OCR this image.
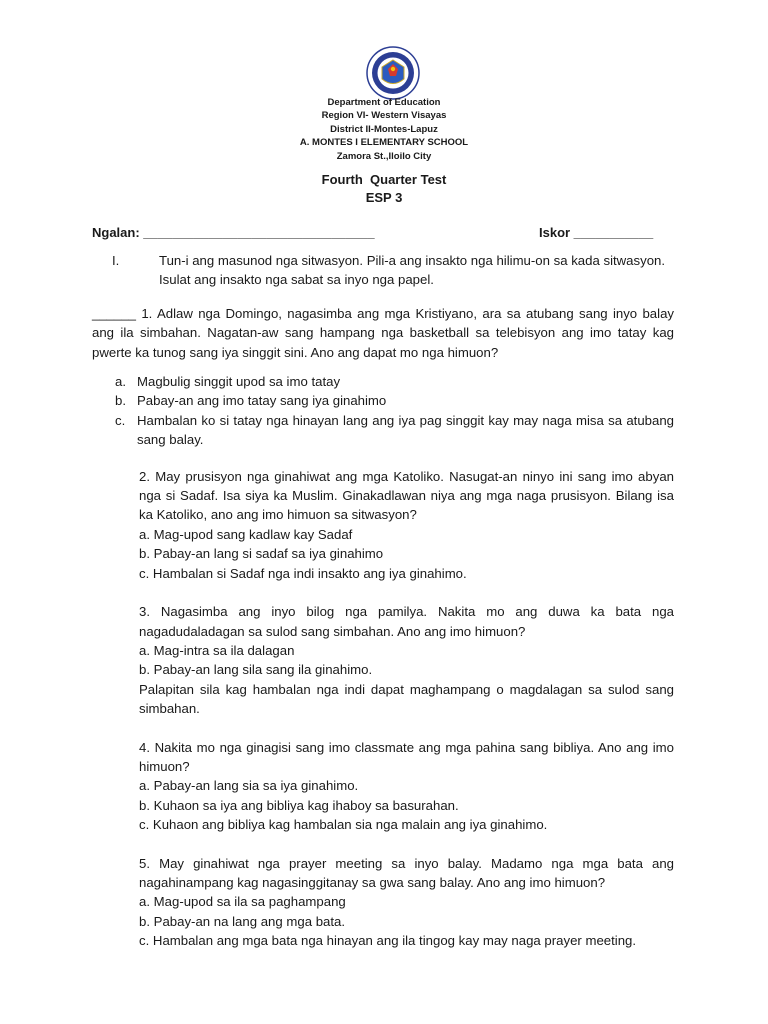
Department of Education
Region VI- Western Visayas
District II-Montes-Lapuz
A. MONTES I ELEMENTARY SCHOOL
Zamora St.,Iloilo City
Fourth  Quarter Test
ESP 3
Ngalan: ________________________________	Iskor ___________
I.	Tun-i ang masunod nga sitwasyon. Pili-a ang insakto nga hilimu-on sa kada sitwasyon. Isulat ang insakto nga sabat sa inyo nga papel.
______ 1. Adlaw nga Domingo, nagasimba ang mga Kristiyano, ara sa atubang sang inyo balay ang ila simbahan. Nagatan-aw sang hampang nga basketball sa telebisyon ang imo tatay kag pwerte ka tunog sang iya singgit sini. Ano ang dapat mo nga himuon?
a. Magbulig singgit upod sa imo tatay
b. Pabay-an ang imo tatay sang iya ginahimo
c. Hambalan ko si tatay nga hinayan lang ang iya pag singgit kay may naga misa sa atubang sang balay.
2. May prusisyon nga ginahiwat ang mga Katoliko. Nasugat-an ninyo ini sang imo abyan nga si Sadaf. Isa siya ka Muslim. Ginakadlawan niya ang mga naga prusisyon. Bilang isa ka Katoliko, ano ang imo himuon sa sitwasyon?
a. Mag-upod sang kadlaw kay Sadaf
b. Pabay-an lang si sadaf sa iya ginahimo
c. Hambalan si Sadaf nga indi insakto ang iya ginahimo.
3. Nagasimba ang inyo bilog nga pamilya. Nakita mo ang duwa ka bata nga nagadudaladagan sa sulod sang simbahan. Ano ang imo himuon?
a. Mag-intra sa ila dalagan
b. Pabay-an lang sila sang ila ginahimo.
Palapitan sila kag hambalan nga indi dapat maghampang o magdalagan sa sulod sang simbahan.
4. Nakita mo nga ginagisi sang imo classmate ang mga pahina sang bibliya. Ano ang imo himuon?
a. Pabay-an lang sia sa iya ginahimo.
b. Kuhaon sa iya ang bibliya kag ihaboy sa basurahan.
c. Kuhaon ang bibliya kag hambalan sia nga malain ang iya ginahimo.
5. May ginahiwat nga prayer meeting sa inyo balay. Madamo nga mga bata ang nagahinampang kag nagasinggitanay sa gwa sang balay. Ano ang imo himuon?
a. Mag-upod sa ila sa paghampang
b. Pabay-an na lang ang mga bata.
c. Hambalan ang mga bata nga hinayan ang ila tingog kay may naga prayer meeting.
